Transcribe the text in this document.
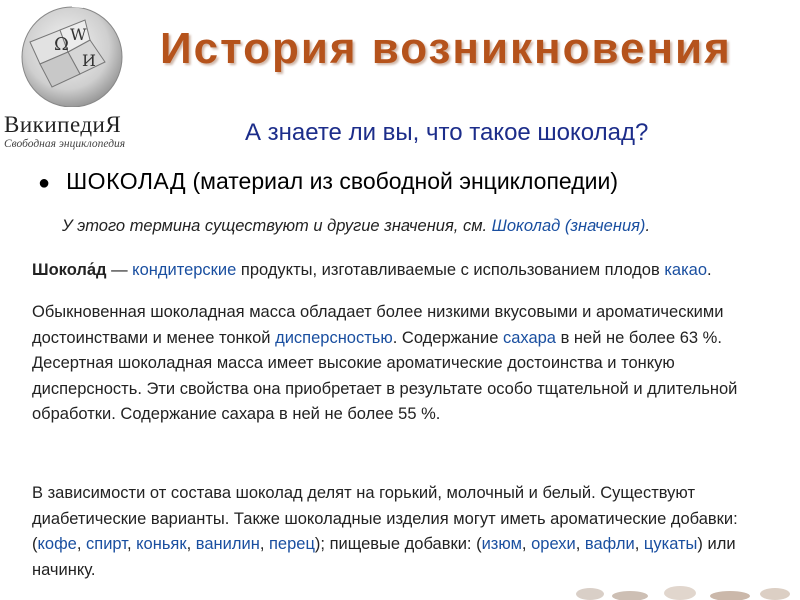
Ω W
И
ВикипедиЯ
Свободная энциклопедия
История возникновения
А знаете ли вы, что такое шоколад?
● ШОКОЛАД (материал из свободной энциклопедии)
У этого термина существуют и другие значения, см. Шоколад (значения).
Шокола́д — кондитерские продукты, изготавливаемые с использованием плодов какао.
Обыкновенная шоколадная масса обладает более низкими вкусовыми и ароматическими достоинствами и менее тонкой дисперсностью. Содержание сахара в ней не более 63 %. Десертная шоколадная масса имеет высокие ароматические достоинства и тонкую дисперсность. Эти свойства она приобретает в результате особо тщательной и длительной обработки. Содержание сахара в ней не более 55 %.
В зависимости от состава шоколад делят на горький, молочный и белый. Существуют диабетические варианты. Также шоколадные изделия могут иметь ароматические добавки: (кофе, спирт, коньяк, ванилин, перец); пищевые добавки: (изюм, орехи, вафли, цукаты) или начинку.
